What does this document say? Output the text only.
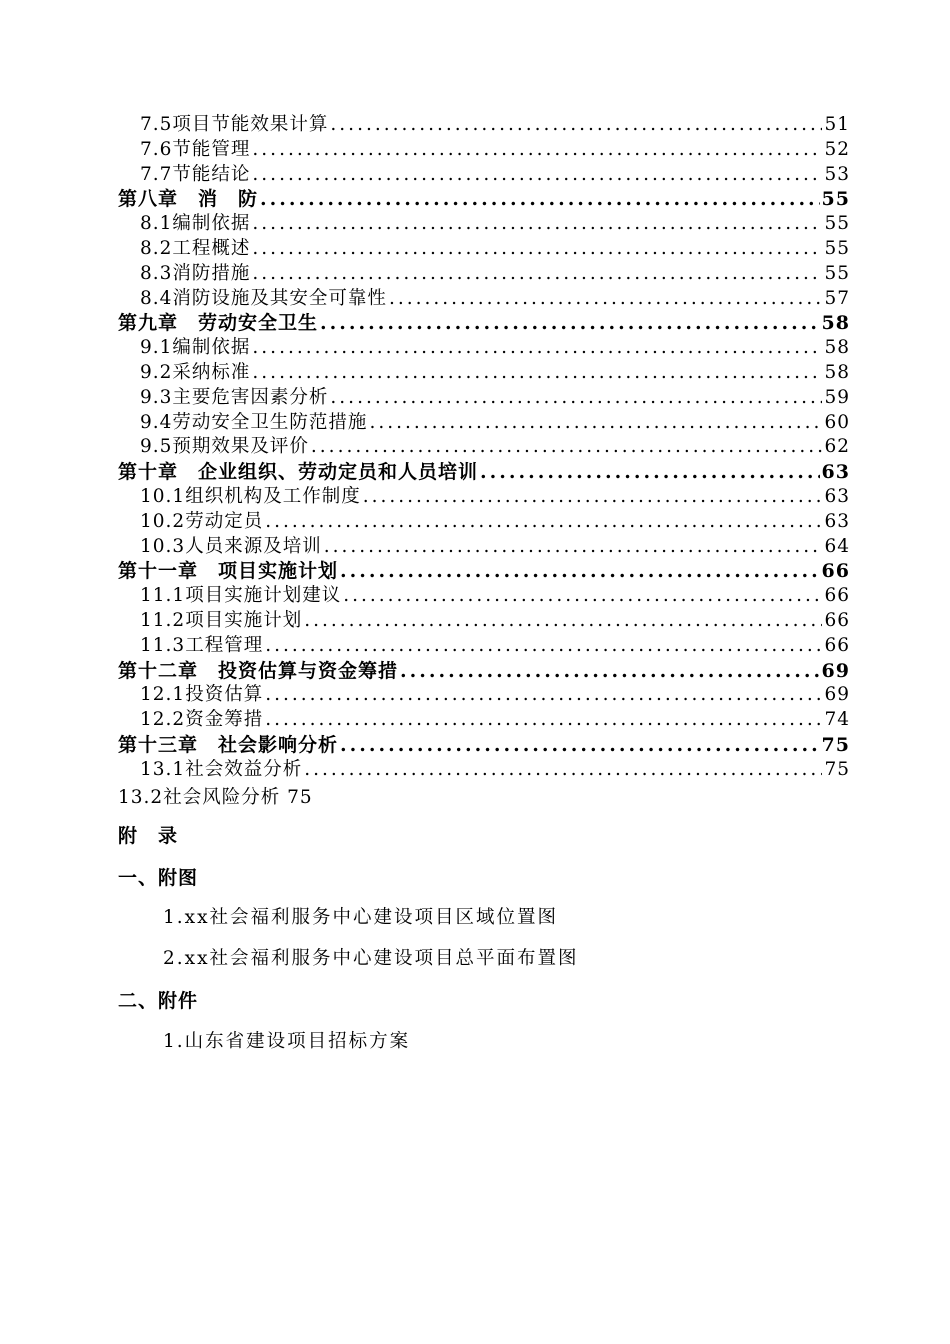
7.5项目节能效果计算 .....	51
7.6节能管理 .....	52
7.7节能结论 .....	53
第八章　消　防 .....	55
8.1编制依据 .....	55
8.2工程概述 .....	55
8.3消防措施 .....	55
8.4消防设施及其安全可靠性 .....	57
第九章　劳动安全卫生 .....	58
9.1编制依据 .....	58
9.2采纳标准 .....	58
9.3主要危害因素分析 .....	59
9.4劳动安全卫生防范措施 .....	60
9.5预期效果及评价 .....	62
第十章　企业组织、劳动定员和人员培训 .....	63
10.1组织机构及工作制度 .....	63
10.2劳动定员 .....	63
10.3人员来源及培训 .....	64
第十一章　项目实施计划 .....	66
11.1项目实施计划建议 .....	66
11.2项目实施计划 .....	66
11.3工程管理 .....	66
第十二章　投资估算与资金筹措 .....	69
12.1投资估算 .....	69
12.2资金筹措 .....	74
第十三章　社会影响分析 .....	75
13.1社会效益分析 .....	75
13.2社会风险分析 75
附　录
一、附图
1.xx社会福利服务中心建设项目区域位置图
2.xx社会福利服务中心建设项目总平面布置图
二、附件
1.山东省建设项目招标方案
